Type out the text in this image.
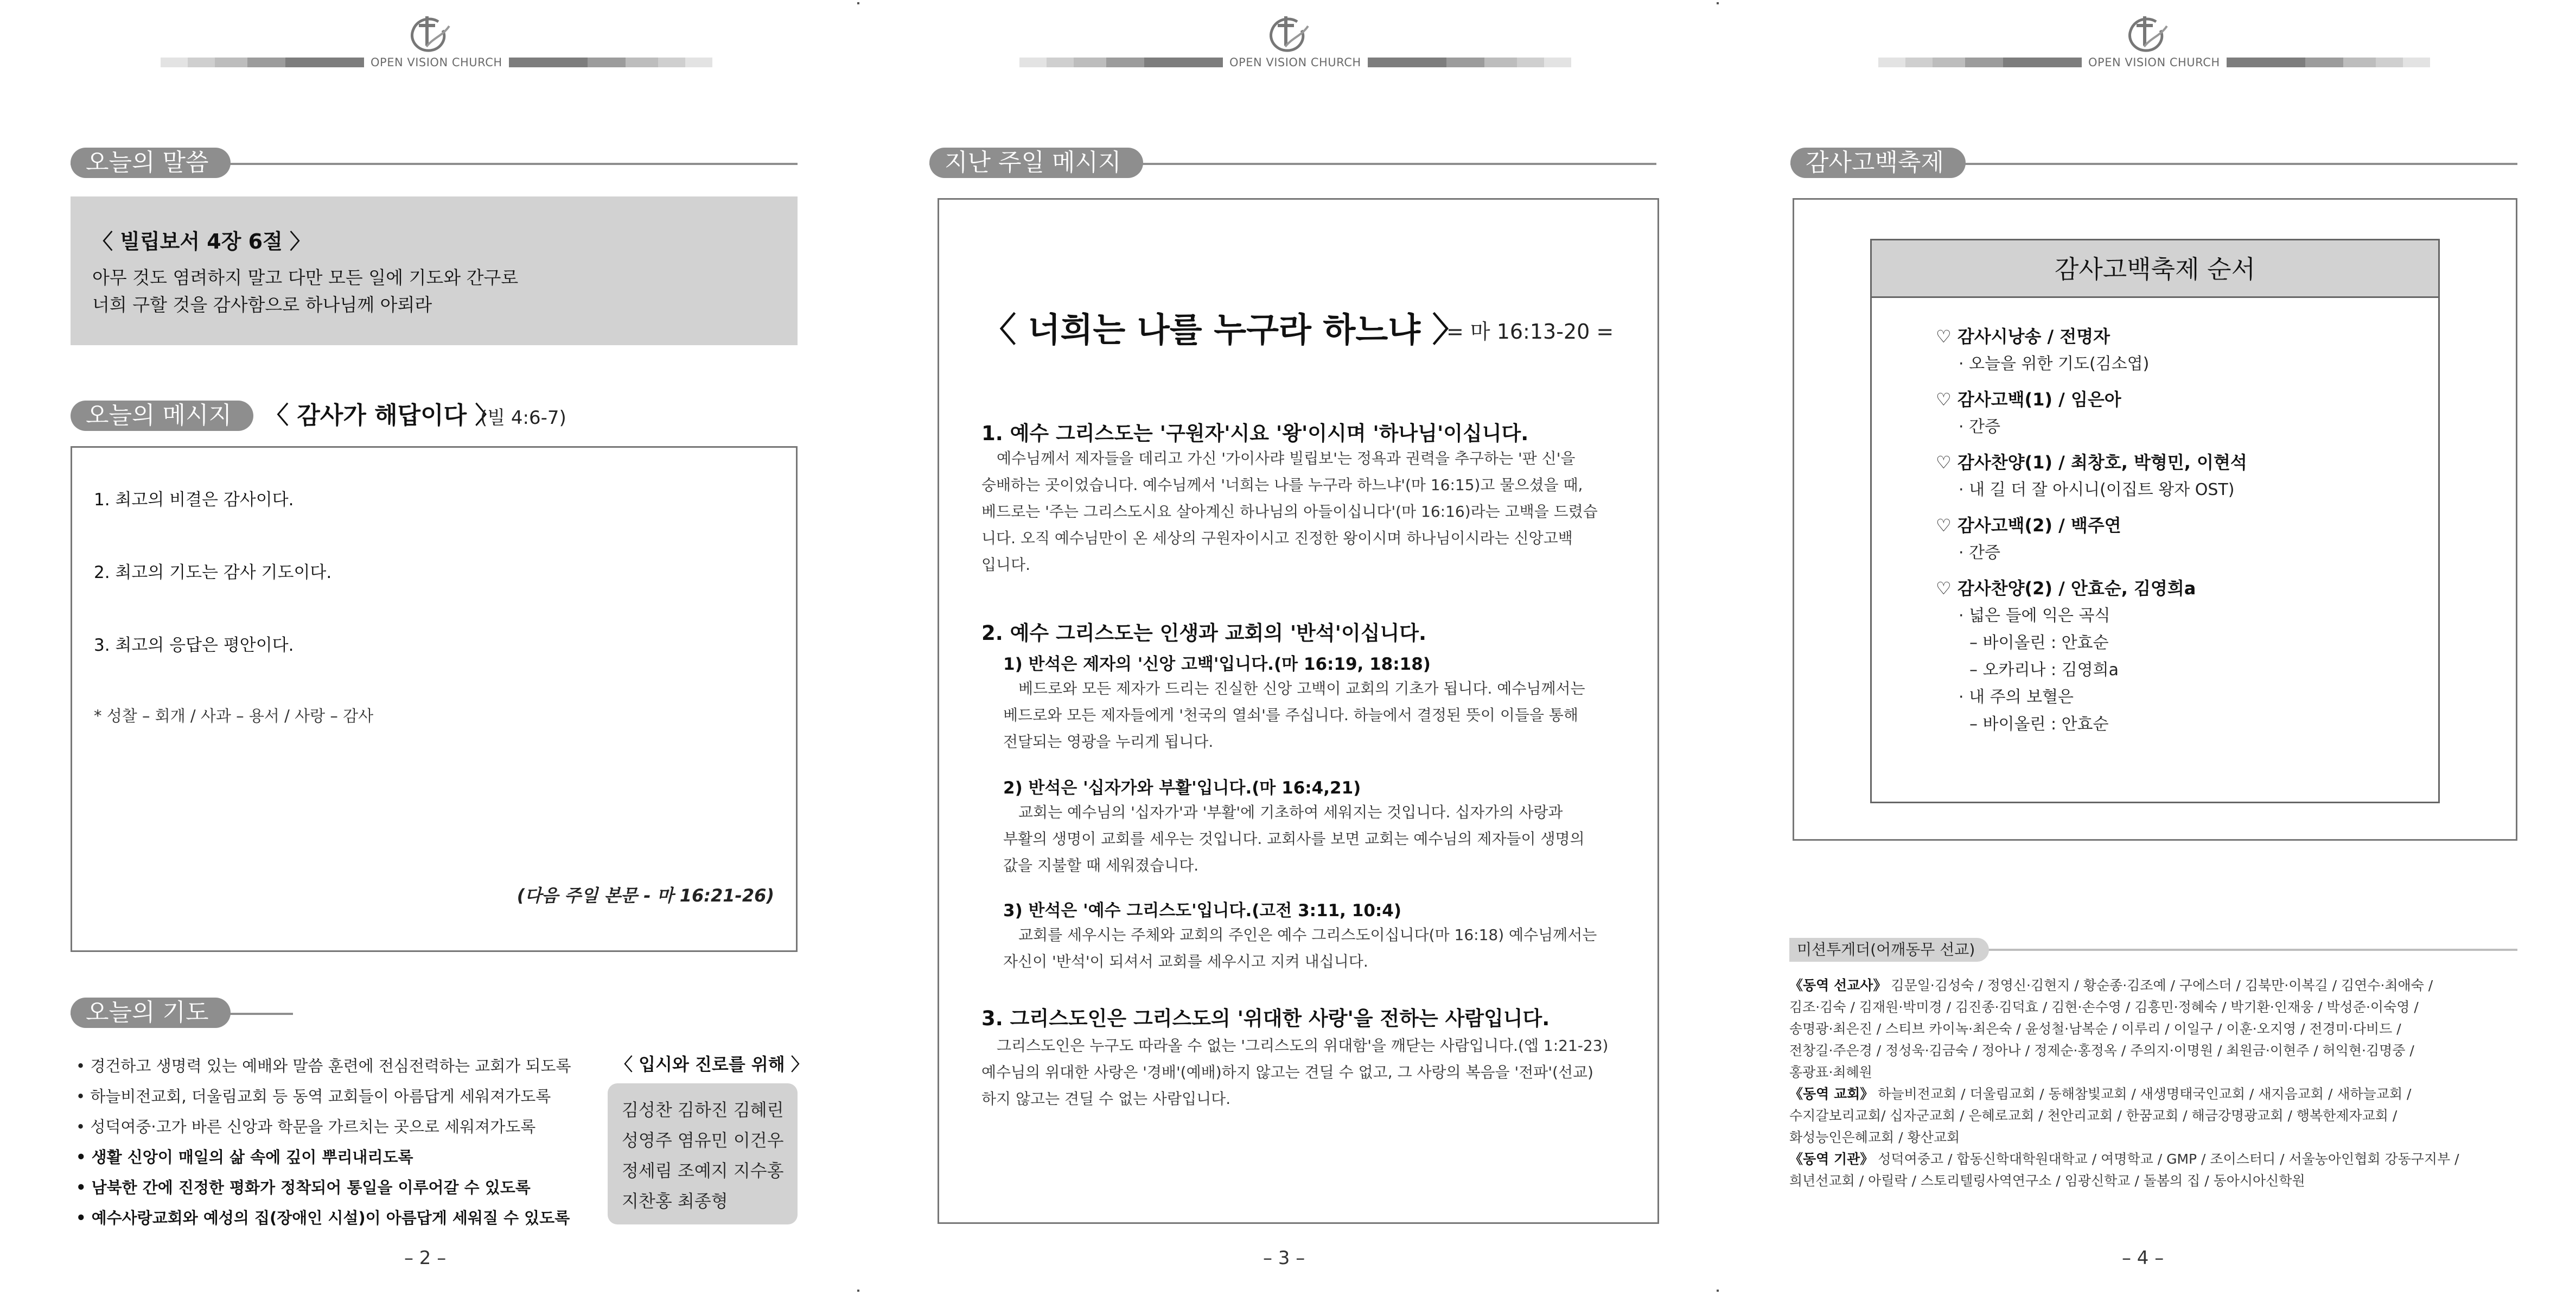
OPEN VISION CHURCH
오늘의 말씀
〈 빌립보서 4장 6절 〉
아무 것도 염려하지 말고 다만 모든 일에 기도와 간구로
너희 구할 것을 감사함으로 하나님께 아뢰라
오늘의 메시지	〈 감사가 해답이다 〉
(빌 4:6-7)
1. 최고의 비결은 감사이다.
2. 최고의 기도는 감사 기도이다.
3. 최고의 응답은 평안이다.
* 성찰 – 회개 / 사과 – 용서 / 사랑 – 감사
(다음 주일 본문 - 마 16:21-26)
오늘의 기도
• 경건하고 생명력 있는 예배와 말씀 훈련에 전심전력하는 교회가 되도록
• 하늘비전교회, 더울림교회 등 동역 교회들이 아름답게 세워져가도록
• 성덕여중·고가 바른 신앙과 학문을 가르치는 곳으로 세워져가도록
• 생활 신앙이 매일의 삶 속에 깊이 뿌리내리도록
• 남북한 간에 진정한 평화가 정착되어 통일을 이루어갈 수 있도록
• 예수사랑교회와 예성의 집(장애인 시설)이 아름답게 세워질 수 있도록
〈 입시와 진로를 위해 〉
김성찬 김하진 김혜린
성영주 염유민 이건우
정세림 조예지 지수홍
지찬홍 최종형
– 2 –
OPEN VISION CHURCH
지난 주일 메시지
〈 너희는 나를 누구라 하느냐 〉
= 마 16:13-20 =
1. 예수 그리스도는 '구원자'시요 '왕'이시며 '하나님'이십니다.
예수님께서 제자들을 데리고 가신 '가이사랴 빌립보'는 정욕과 권력을 추구하는 '판 신'을
숭배하는 곳이었습니다. 예수님께서 '너희는 나를 누구라 하느냐'(마 16:15)고 물으셨을 때,
베드로는 '주는 그리스도시요 살아계신 하나님의 아들이십니다'(마 16:16)라는 고백을 드렸습
니다. 오직 예수님만이 온 세상의 구원자이시고 진정한 왕이시며 하나님이시라는 신앙고백
입니다.
2. 예수 그리스도는 인생과 교회의 '반석'이십니다.
1) 반석은 제자의 '신앙 고백'입니다.(마 16:19, 18:18)
베드로와 모든 제자가 드리는 진실한 신앙 고백이 교회의 기초가 됩니다. 예수님께서는
베드로와 모든 제자들에게 '천국의 열쇠'를 주십니다. 하늘에서 결정된 뜻이 이들을 통해
전달되는 영광을 누리게 됩니다.
2) 반석은 '십자가와 부활'입니다.(마 16:4,21)
교회는 예수님의 '십자가'과 '부활'에 기초하여 세워지는 것입니다. 십자가의 사랑과
부활의 생명이 교회를 세우는 것입니다. 교회사를 보면 교회는 예수님의 제자들이 생명의
값을 지불할 때 세워졌습니다.
3) 반석은 '예수 그리스도'입니다.(고전 3:11, 10:4)
교회를 세우시는 주체와 교회의 주인은 예수 그리스도이십니다(마 16:18) 예수님께서는
자신이 '반석'이 되셔서 교회를 세우시고 지켜 내십니다.
3. 그리스도인은 그리스도의 '위대한 사랑'을 전하는 사람입니다.
그리스도인은 누구도 따라올 수 없는 '그리스도의 위대함'을 깨닫는 사람입니다.(엡 1:21-23)
예수님의 위대한 사랑은 '경배'(예배)하지 않고는 견딜 수 없고, 그 사랑의 복음을 '전파'(선교)
하지 않고는 견딜 수 없는 사람입니다.
– 3 –
OPEN VISION CHURCH
감사고백축제
감사고백축제 순서
♡ 감사시낭송 / 전명자
· 오늘을 위한 기도(김소엽)
♡ 감사고백(1) / 임은아
· 간증
♡ 감사찬양(1) / 최창호, 박형민, 이현석
· 내 길 더 잘 아시니(이집트 왕자 OST)
♡ 감사고백(2) / 백주연
· 간증
♡ 감사찬양(2) / 안효순, 김영희a
· 넓은 들에 익은 곡식
– 바이올린 : 안효순
– 오카리나 : 김영희a
· 내 주의 보혈은
– 바이올린 : 안효순
미션투게더(어깨동무 선교)
《동역 선교사》 김문일·김성숙 / 정영신·김현지 / 황순종·김조예 / 구에스더 / 김북만·이복길 / 김연수·최애숙 /
김조·김숙 / 김재원·박미경 / 김진종·김덕효 / 김현·손수영 / 김흥민·정혜숙 / 박기환·인재웅 / 박성준·이숙영 /
송명광·최은진 / 스티브 카이녹·최은숙 / 윤성철·남복순 / 이루리 / 이일구 / 이훈·오지영 / 전경미·다비드 /
전창길·주은경 / 정성욱·김금숙 / 정아나 / 정제순·홍정옥 / 주의지·이명원 / 최원금·이현주 / 허익현·김명중 /
홍광표·최혜원
《동역 교회》 하늘비전교회 / 더울림교회 / 동해참빛교회 / 새생명태국인교회 / 새지음교회 / 새하늘교회 /
수지갈보리교회/ 십자군교회 / 은혜로교회 / 천안리교회 / 한꿈교회 / 해금강명광교회 / 행복한제자교회 /
화성능인은혜교회 / 황산교회
《동역 기관》 성덕여중고 / 합동신학대학원대학교 / 여명학교 / GMP / 조이스터디 / 서울농아인협회 강동구지부 /
희년선교회 / 아릴락 / 스토리텔링사역연구소 / 임광신학교 / 돌봄의 집 / 동아시아신학원
– 4 –
